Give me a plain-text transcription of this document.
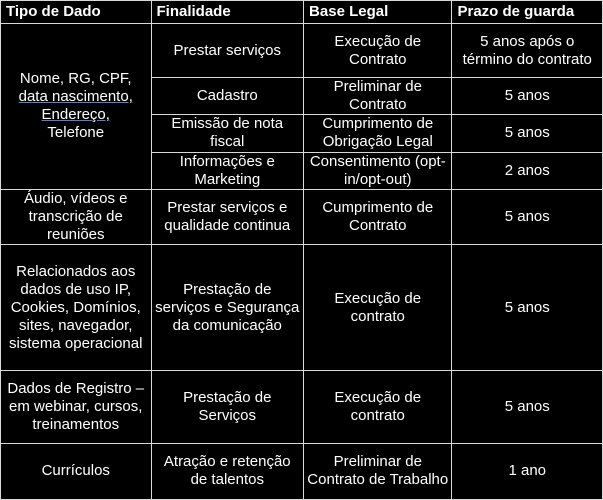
Tipo de Dado	Finalidade	Base Legal	Prazo de guarda
Nome, RG, CPF,
data nascimento,
Endereço,
Telefone	Prestar serviços	Execução de Contrato	5 anos após o término do contrato
	Cadastro	Preliminar de Contrato	5 anos
	Emissão de nota fiscal	Cumprimento de Obrigação Legal	5 anos
	Informações e Marketing	Consentimento (opt-in/opt-out)	2 anos
Áudio, vídeos e transcrição de reuniões	Prestar serviços e qualidade continua	Cumprimento de Contrato	5 anos
Relacionados aos dados de uso IP, Cookies, Domínios, sites, navegador, sistema operacional	Prestação de serviços e Segurança da comunicação	Execução de contrato	5 anos
Dados de Registro – em webinar, cursos, treinamentos	Prestação de Serviços	Execução de contrato	5 anos
Currículos	Atração e retenção de talentos	Preliminar de Contrato de Trabalho	1 ano
